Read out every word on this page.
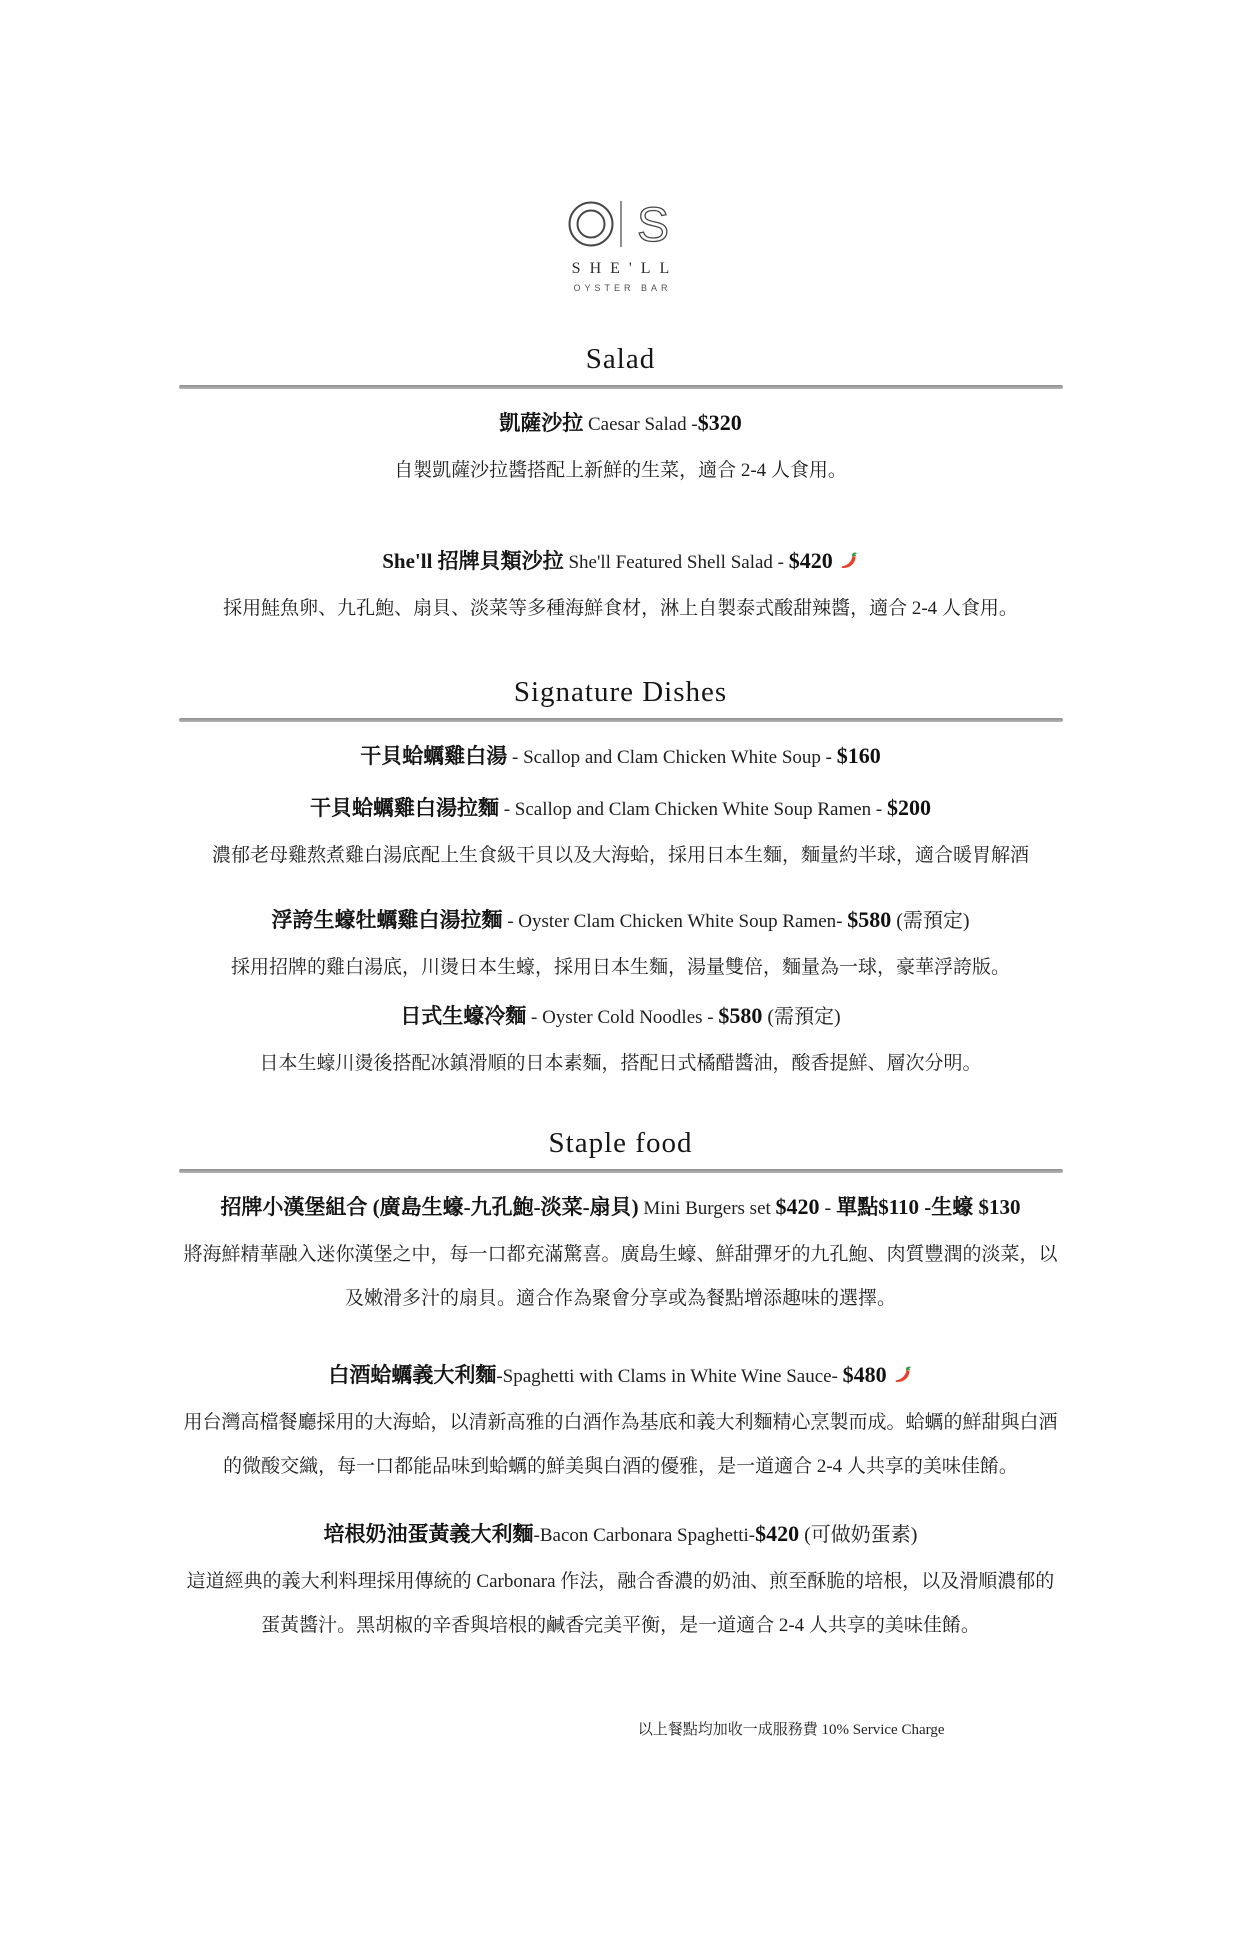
S
SHE'LL
OYSTER BAR
Salad

凱薩沙拉 Caesar Salad -$320

自製凱薩沙拉醬搭配上新鮮的生菜，適合 2-4 人食用。

She'll 招牌貝類沙拉 She'll Featured Shell Salad - $420

採用鮭魚卵、九孔鮑、扇貝、淡菜等多種海鮮食材，淋上自製泰式酸甜辣醬，適合 2-4 人食用。

Signature Dishes

干貝蛤蠣雞白湯 - Scallop and Clam Chicken White Soup - $160

干貝蛤蠣雞白湯拉麵 - Scallop and Clam Chicken White Soup Ramen - $200

濃郁老母雞熬煮雞白湯底配上生食級干貝以及大海蛤，採用日本生麵，麵量約半球，適合暖胃解酒

浮誇生蠔牡蠣雞白湯拉麵 - Oyster Clam Chicken White Soup Ramen- $580 (需預定)

採用招牌的雞白湯底，川燙日本生蠔，採用日本生麵，湯量雙倍，麵量為一球，豪華浮誇版。

日式生蠔冷麵 - Oyster Cold Noodles - $580 (需預定)

日本生蠔川燙後搭配冰鎮滑順的日本素麵，搭配日式橘醋醬油，酸香提鮮、層次分明。

Staple food

招牌小漢堡組合 (廣島生蠔-九孔鮑-淡菜-扇貝) Mini Burgers set $420 - 單點$110 -生蠔 $130

將海鮮精華融入迷你漢堡之中，每一口都充滿驚喜。廣島生蠔、鮮甜彈牙的九孔鮑、肉質豐潤的淡菜，以及嫩滑多汁的扇貝。適合作為聚會分享或為餐點增添趣味的選擇。

白酒蛤蠣義大利麵-Spaghetti with Clams in White Wine Sauce- $480

用台灣高檔餐廳採用的大海蛤，以清新高雅的白酒作為基底和義大利麵精心烹製而成。蛤蠣的鮮甜與白酒的微酸交織，每一口都能品味到蛤蠣的鮮美與白酒的優雅，是一道適合 2-4 人共享的美味佳餚。

培根奶油蛋黃義大利麵-Bacon Carbonara Spaghetti-$420 (可做奶蛋素)

這道經典的義大利料理採用傳統的 Carbonara 作法，融合香濃的奶油、煎至酥脆的培根，以及滑順濃郁的蛋黃醬汁。黑胡椒的辛香與培根的鹹香完美平衡，是一道適合 2-4 人共享的美味佳餚。

以上餐點均加收一成服務費 10% Service Charge
